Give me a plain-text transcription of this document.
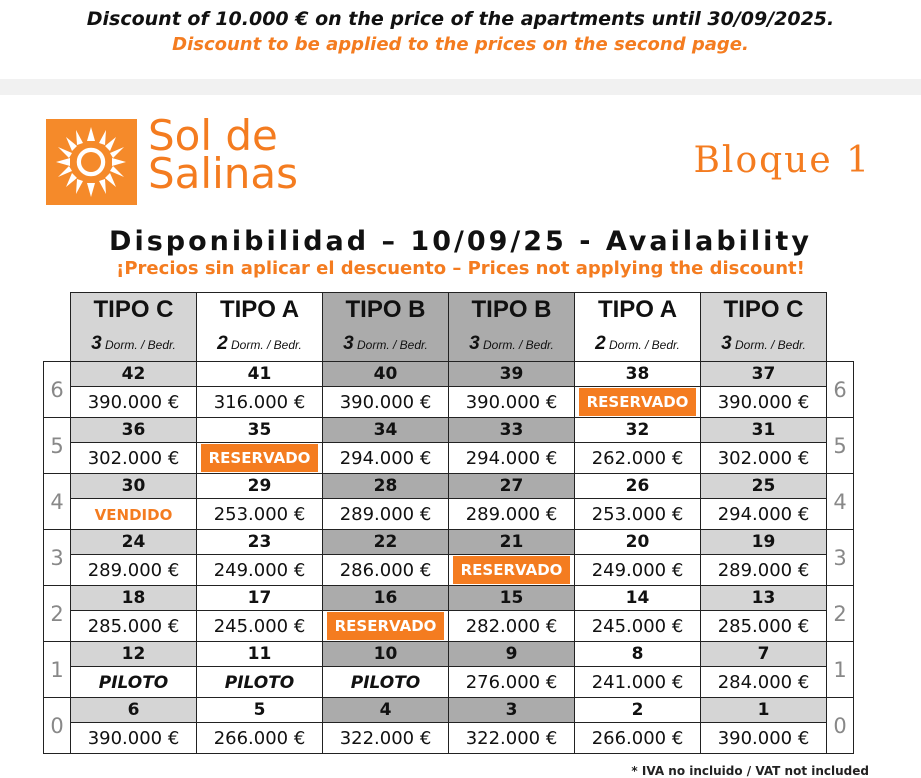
Discount of 10.000 € on the price of the apartments until 30/09/2025.
Discount to be applied to the prices on the second page.
Sol de
Salinas	Bloque 1
Disponibilidad – 10/09/25 - Availability
¡Precios sin aplicar el descuento – Prices not applying the discount!
	TIPO C	TIPO A	TIPO B	TIPO B	TIPO A	TIPO C	
	3 Dorm. / Bedr.	2 Dorm. / Bedr.	3 Dorm. / Bedr.	3 Dorm. / Bedr.	2 Dorm. / Bedr.	3 Dorm. / Bedr.	
6	42	41	40	39	38	37	6
	390.000 €	316.000 €	390.000 €	390.000 €	RESERVADO	390.000 €	
5	36	35	34	33	32	31	5
	302.000 €	RESERVADO	294.000 €	294.000 €	262.000 €	302.000 €	
4	30	29	28	27	26	25	4
	VENDIDO	253.000 €	289.000 €	289.000 €	253.000 €	294.000 €	
3	24	23	22	21	20	19	3
	289.000 €	249.000 €	286.000 €	RESERVADO	249.000 €	289.000 €	
2	18	17	16	15	14	13	2
	285.000 €	245.000 €	RESERVADO	282.000 €	245.000 €	285.000 €	
1	12	11	10	9	8	7	1
	PILOTO	PILOTO	PILOTO	276.000 €	241.000 €	284.000 €	
0	6	5	4	3	2	1	0
	390.000 €	266.000 €	322.000 €	322.000 €	266.000 €	390.000 €	
* IVA no incluido / VAT not included
